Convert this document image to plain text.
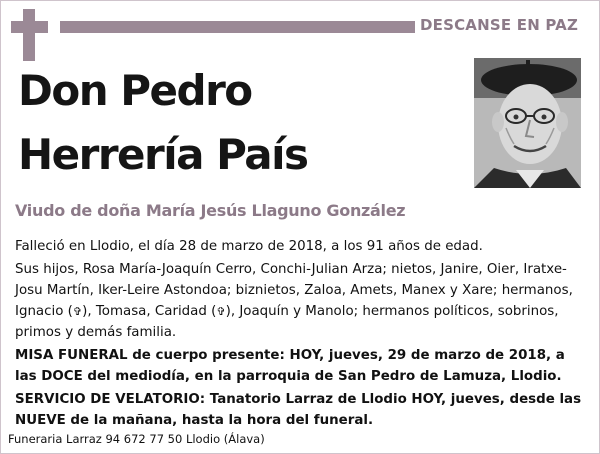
DESCANSE EN PAZ
Don Pedro
Herrería País
Viudo de doña María Jesús Llaguno González

Falleció en Llodio, el día 28 de marzo de 2018, a los 91 años de edad.

Sus hijos, Rosa María-Joaquín Cerro, Conchi-Julian Arza; nietos, Janire, Oier, Iratxe-Josu Martín, Iker-Leire Astondoa; biznietos, Zaloa, Amets, Manex y Xare; hermanos, Ignacio (✞), Tomasa, Caridad (✞), Joaquín y Manolo; hermanos políticos, sobrinos, primos y demás familia.

MISA FUNERAL de cuerpo presente: HOY, jueves, 29 de marzo de 2018, a las DOCE del mediodía, en la parroquia de San Pedro de Lamuza, Llodio.

SERVICIO DE VELATORIO: Tanatorio Larraz de Llodio HOY, jueves, desde las NUEVE de la mañana, hasta la hora del funeral.

Funeraria Larraz 94 672 77 50 Llodio (Álava)
